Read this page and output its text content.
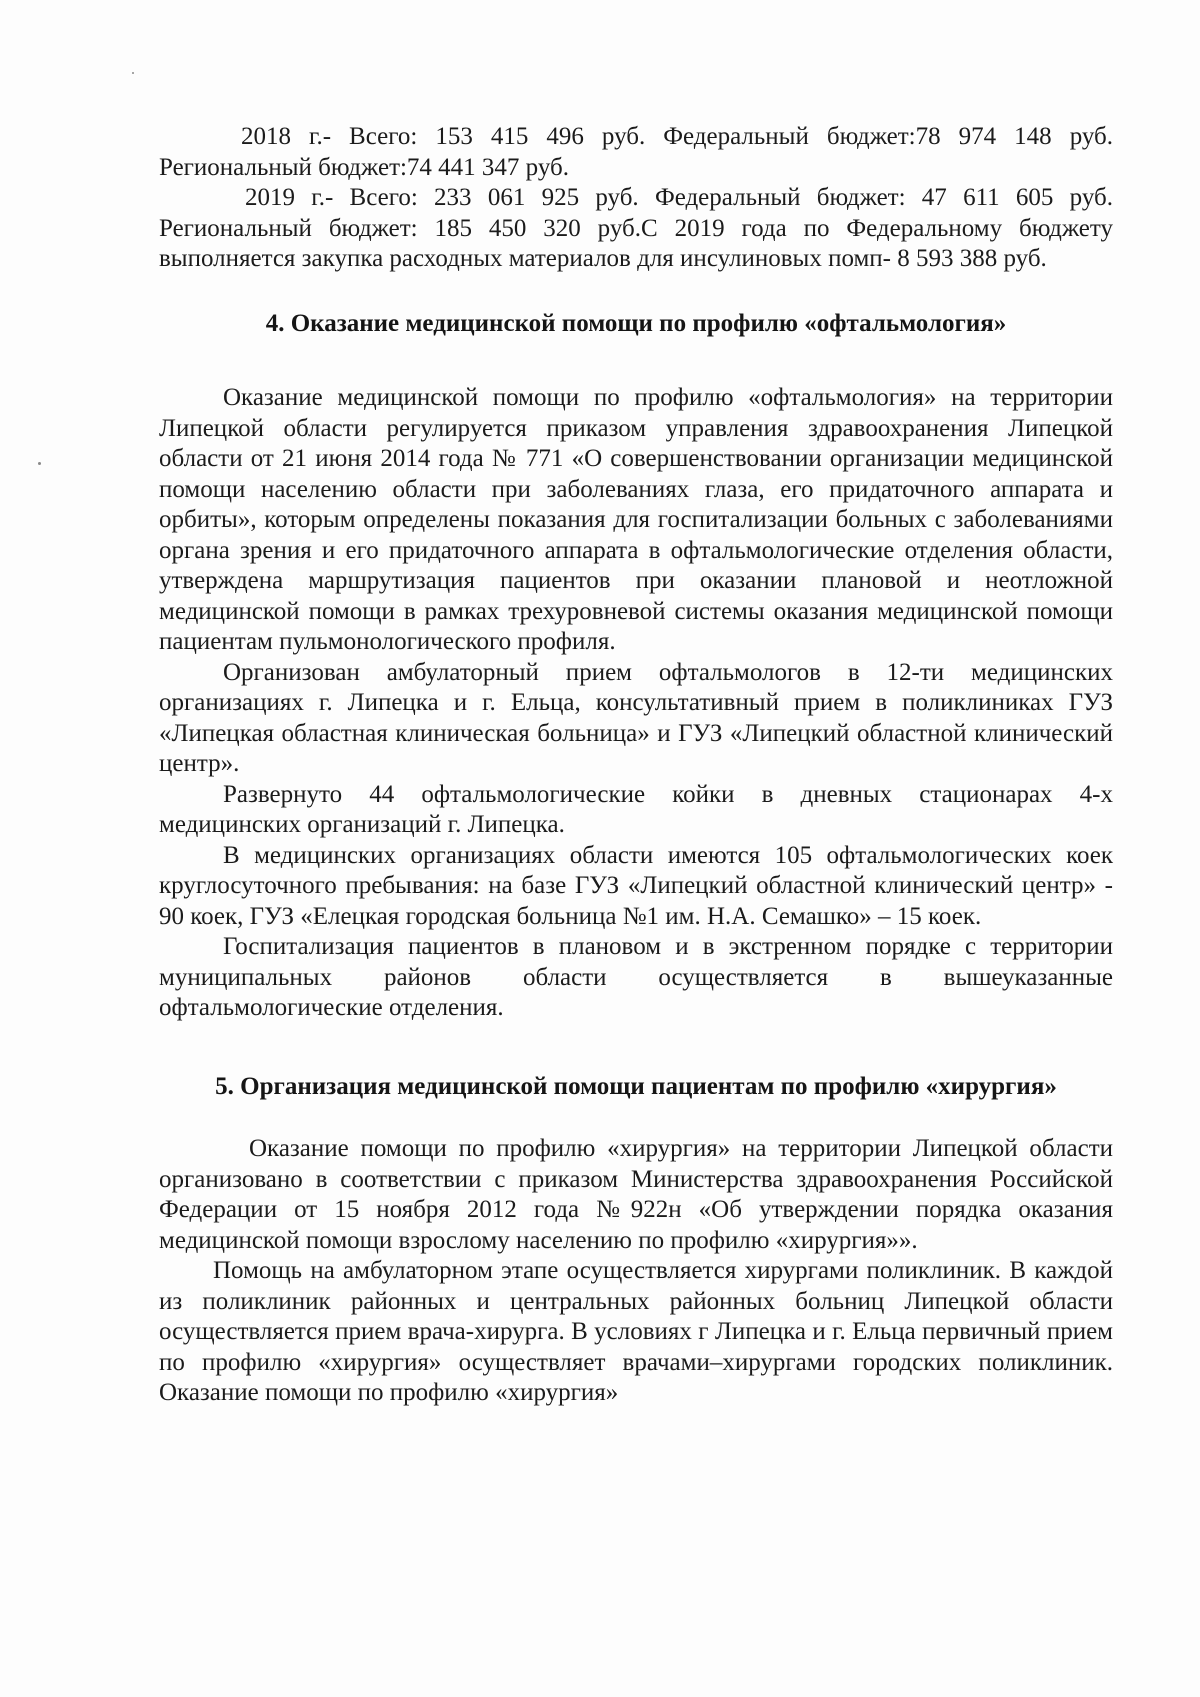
2018 г.- Всего: 153 415 496 руб. Федеральный бюджет:78 974 148 руб. Региональный бюджет:74 441 347 руб.

2019 г.- Всего: 233 061 925 руб. Федеральный бюджет: 47 611 605 руб. Региональный бюджет: 185 450 320 руб.С 2019 года по Федеральному бюджету выполняется закупка расходных материалов для инсулиновых помп- 8 593 388 руб.

4. Оказание медицинской помощи по профилю «офтальмология»

Оказание медицинской помощи по профилю «офтальмология» на территории Липецкой области регулируется приказом управления здравоохранения Липецкой области от 21 июня 2014 года № 771 «О совершенствовании организации медицинской помощи населению области при заболеваниях глаза, его придаточного аппарата и орбиты», которым определены показания для госпитализации больных с заболеваниями органа зрения и его придаточного аппарата в офтальмологические отделения области, утверждена маршрутизация пациентов при оказании плановой и неотложной медицинской помощи в рамках трехуровневой системы оказания медицинской помощи пациентам пульмонологического профиля.

Организован амбулаторный прием офтальмологов в 12-ти медицинских организациях г. Липецка и г. Ельца, консультативный прием в поликлиниках ГУЗ «Липецкая областная клиническая больница» и ГУЗ «Липецкий областной клинический центр».

Развернуто 44 офтальмологические койки в дневных стационарах 4-х медицинских организаций г. Липецка.

В медицинских организациях области имеются 105 офтальмологических коек круглосуточного пребывания: на базе ГУЗ «Липецкий областной клинический центр» - 90 коек, ГУЗ «Елецкая городская больница №1 им. Н.А. Семашко» – 15 коек.

Госпитализация пациентов в плановом и в экстренном порядке с территории муниципальных районов области осуществляется в вышеуказанные офтальмологические отделения.

5. Организация медицинской помощи пациентам по профилю «хирургия»

Оказание помощи по профилю «хирургия» на территории Липецкой области организовано в соответствии с приказом Министерства здравоохранения Российской Федерации от 15 ноября 2012 года №922н «Об утверждении порядка оказания медицинской помощи взрослому населению по профилю «хирургия»».

Помощь на амбулаторном этапе осуществляется хирургами поликлиник. В каждой из поликлиник районных и центральных районных больниц Липецкой области осуществляется прием врача-хирурга. В условиях г Липецка и г. Ельца первичный прием по профилю «хирургия» осуществляет врачами–хирургами городских поликлиник. Оказание помощи по профилю «хирургия»
